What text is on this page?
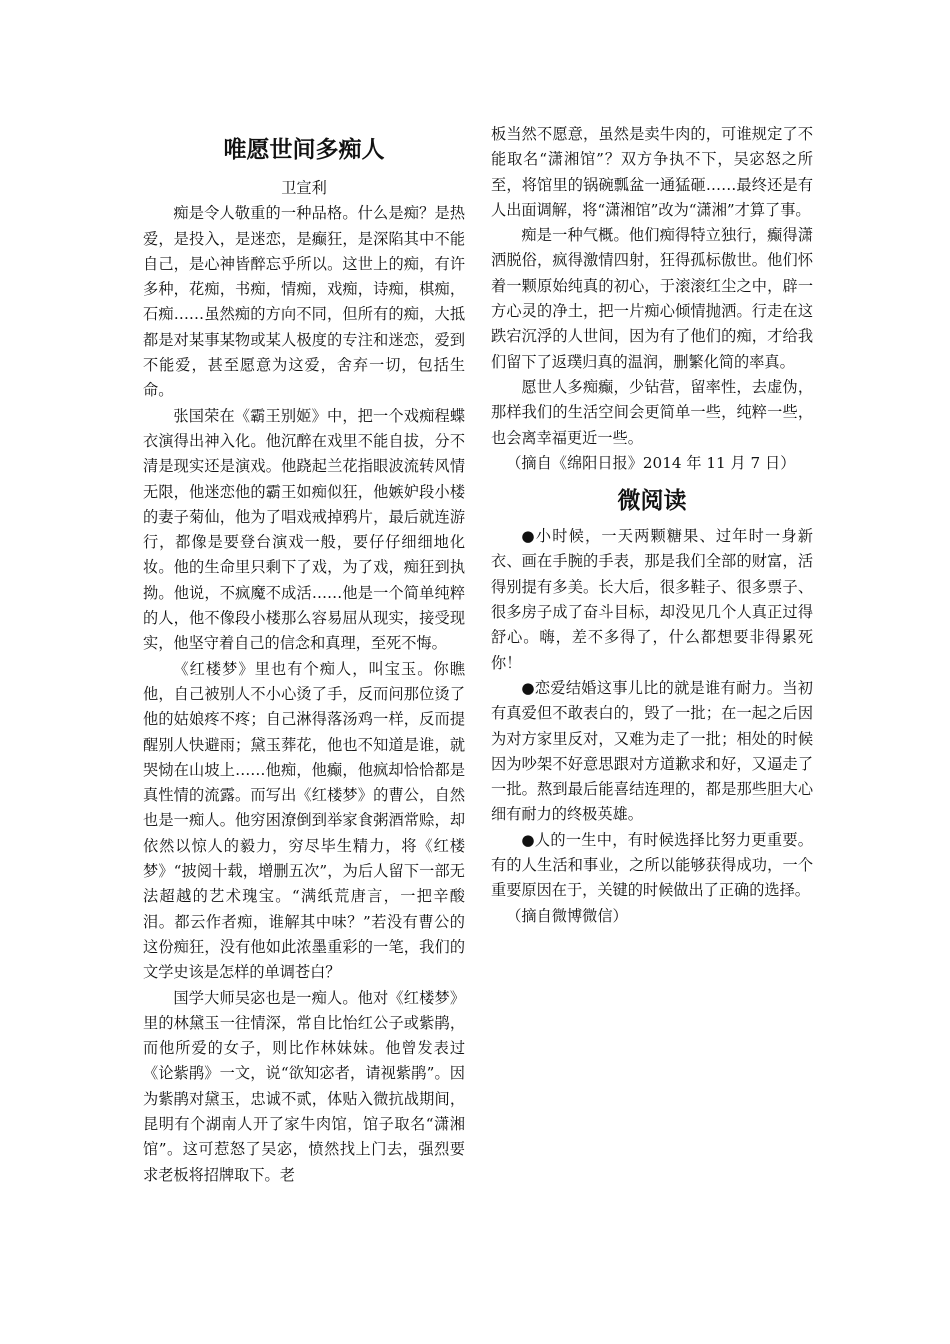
唯愿世间多痴人

卫宣利

痴是令人敬重的一种品格。什么是痴？是热爱，是投入，是迷恋，是癫狂，是深陷其中不能自己，是心神皆醉忘乎所以。这世上的痴，有许多种，花痴，书痴，情痴，戏痴，诗痴，棋痴，石痴……虽然痴的方向不同，但所有的痴，大抵都是对某事某物或某人极度的专注和迷恋，爱到不能爱，甚至愿意为这爱，舍弃一切，包括生命。

张国荣在《霸王别姬》中，把一个戏痴程蝶衣演得出神入化。他沉醉在戏里不能自拔，分不清是现实还是演戏。他跷起兰花指眼波流转风情无限，他迷恋他的霸王如痴似狂，他嫉妒段小楼的妻子菊仙，他为了唱戏戒掉鸦片，最后就连游行，都像是要登台演戏一般，要仔仔细细地化妆。他的生命里只剩下了戏，为了戏，痴狂到执拗。他说，不疯魔不成活……他是一个简单纯粹的人，他不像段小楼那么容易屈从现实，接受现实，他坚守着自己的信念和真理，至死不悔。

《红楼梦》里也有个痴人，叫宝玉。你瞧他，自己被别人不小心烫了手，反而问那位烫了他的姑娘疼不疼；自己淋得落汤鸡一样，反而提醒别人快避雨；黛玉葬花，他也不知道是谁，就哭恸在山坡上……他痴，他癫，他疯却恰恰都是真性情的流露。而写出《红楼梦》的曹公，自然也是一痴人。他穷困潦倒到举家食粥酒常赊，却依然以惊人的毅力，穷尽毕生精力，将《红楼梦》“披阅十载，增删五次”，为后人留下一部无法超越的艺术瑰宝。“满纸荒唐言，一把辛酸泪。都云作者痴，谁解其中味？”若没有曹公的这份痴狂，没有他如此浓墨重彩的一笔，我们的文学史该是怎样的单调苍白？

国学大师吴宓也是一痴人。他对《红楼梦》里的林黛玉一往情深，常自比怡红公子或紫鹃，而他所爱的女子，则比作林妹妹。他曾发表过《论紫鹃》一文，说“欲知宓者，请视紫鹃”。因为紫鹃对黛玉，忠诚不贰，体贴入微抗战期间，昆明有个湖南人开了家牛肉馆，馆子取名“潇湘馆”。这可惹怒了吴宓，愤然找上门去，强烈要求老板将招牌取下。老

板当然不愿意，虽然是卖牛肉的，可谁规定了不能取名“潇湘馆”？双方争执不下，吴宓怒之所至，将馆里的锅碗瓢盆一通猛砸……最终还是有人出面调解，将“潇湘馆”改为“潇湘”才算了事。

痴是一种气概。他们痴得特立独行，癫得潇洒脱俗，疯得激情四射，狂得孤标傲世。他们怀着一颗原始纯真的初心，于滚滚红尘之中，辟一方心灵的净土，把一片痴心倾情抛洒。行走在这跌宕沉浮的人世间，因为有了他们的痴，才给我们留下了返璞归真的温润，删繁化简的率真。

愿世人多痴癫，少钻营，留率性，去虚伪，那样我们的生活空间会更简单一些，纯粹一些，也会离幸福更近一些。

（摘自《绵阳日报》2014 年 11 月 7 日）

微阅读

●小时候，一天两颗糖果、过年时一身新衣、画在手腕的手表，那是我们全部的财富，活得别提有多美。长大后，很多鞋子、很多票子、很多房子成了奋斗目标，却没见几个人真正过得舒心。嗨，差不多得了，什么都想要非得累死你！

●恋爱结婚这事儿比的就是谁有耐力。当初有真爱但不敢表白的，毁了一批；在一起之后因为对方家里反对，又难为走了一批；相处的时候因为吵架不好意思跟对方道歉求和好，又逼走了一批。熬到最后能喜结连理的，都是那些胆大心细有耐力的终极英雄。

●人的一生中，有时候选择比努力更重要。有的人生活和事业，之所以能够获得成功，一个重要原因在于，关键的时候做出了正确的选择。

（摘自微博微信）
